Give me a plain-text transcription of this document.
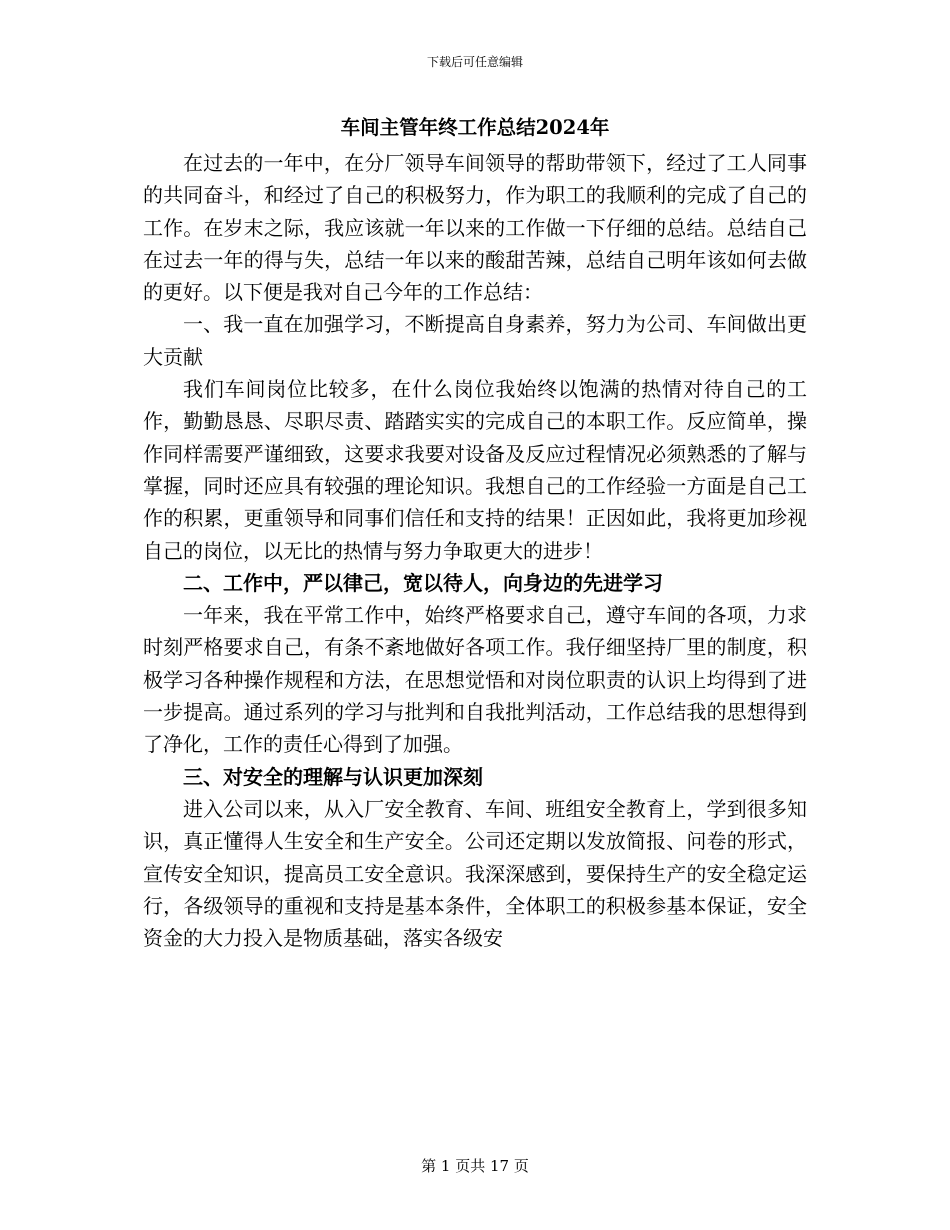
下载后可任意编辑
车间主管年终工作总结2024年

在过去的一年中，在分厂领导车间领导的帮助带领下，经过了工人同事的共同奋斗，和经过了自己的积极努力，作为职工的我顺利的完成了自己的工作。在岁末之际，我应该就一年以来的工作做一下仔细的总结。总结自己在过去一年的得与失，总结一年以来的酸甜苦辣，总结自己明年该如何去做的更好。以下便是我对自己今年的工作总结：

一、我一直在加强学习，不断提高自身素养，努力为公司、车间做出更大贡献

我们车间岗位比较多，在什么岗位我始终以饱满的热情对待自己的工作，勤勤恳恳、尽职尽责、踏踏实实的完成自己的本职工作。反应简单，操作同样需要严谨细致，这要求我要对设备及反应过程情况必须熟悉的了解与掌握，同时还应具有较强的理论知识。我想自己的工作经验一方面是自己工作的积累，更重领导和同事们信任和支持的结果！正因如此，我将更加珍视自己的岗位，以无比的热情与努力争取更大的进步！

二、工作中，严以律己，宽以待人，向身边的先进学习

一年来，我在平常工作中，始终严格要求自己，遵守车间的各项，力求时刻严格要求自己，有条不紊地做好各项工作。我仔细坚持厂里的制度，积极学习各种操作规程和方法，在思想觉悟和对岗位职责的认识上均得到了进一步提高。通过系列的学习与批判和自我批判活动，工作总结我的思想得到了净化，工作的责任心得到了加强。

三、对安全的理解与认识更加深刻

进入公司以来，从入厂安全教育、车间、班组安全教育上，学到很多知识，真正懂得人生安全和生产安全。公司还定期以发放简报、问卷的形式，宣传安全知识，提高员工安全意识。我深深感到，要保持生产的安全稳定运行，各级领导的重视和支持是基本条件，全体职工的积极参基本保证，安全资金的大力投入是物质基础，落实各级安

第 1 页共 17 页
